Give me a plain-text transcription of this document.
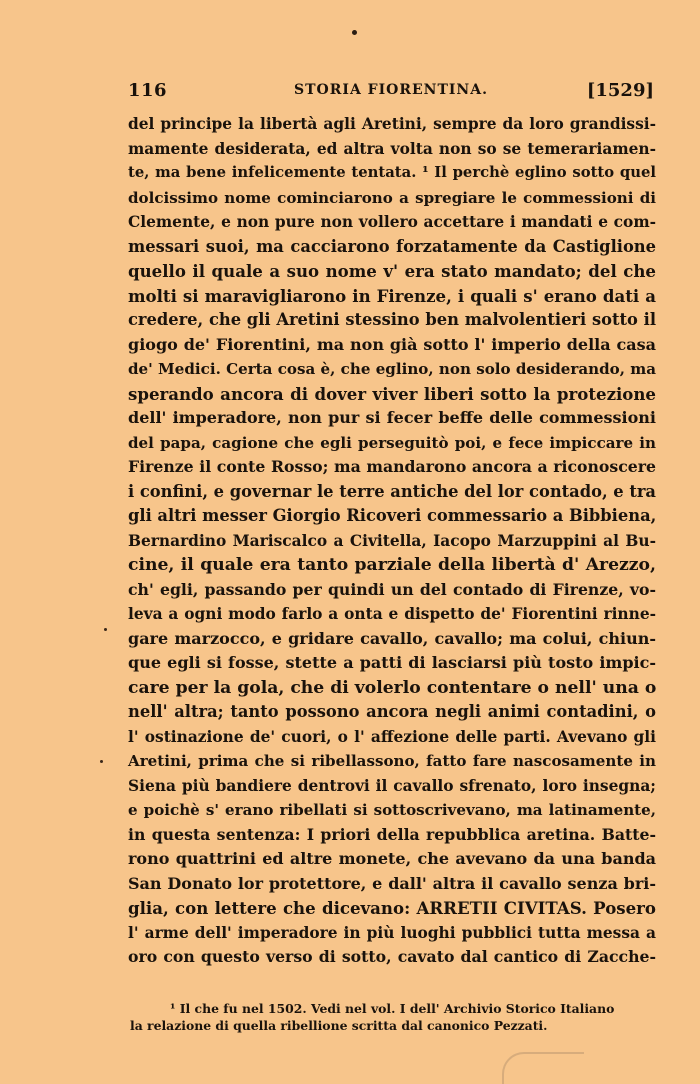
116	STORIA FIORENTINA.	[1529]
del principe la libertà agli Aretini, sempre da loro grandissi-
mamente desiderata, ed altra volta non so se temerariamen-
te, ma bene infelicemente tentata. ¹ Il perchè eglino sotto quel
dolcissimo nome cominciarono a spregiare le commessioni di
Clemente, e non pure non vollero accettare i mandati e com-
messari suoi, ma cacciarono forzatamente da Castiglione
quello il quale a suo nome v' era stato mandato; del che
molti si maravigliarono in Firenze, i quali s' erano dati a
credere, che gli Aretini stessino ben malvolentieri sotto il
giogo de' Fiorentini, ma non già sotto l' imperio della casa
de' Medici. Certa cosa è, che eglino, non solo desiderando, ma
sperando ancora di dover viver liberi sotto la protezione
dell' imperadore, non pur si fecer beffe delle commessioni
del papa, cagione che egli perseguitò poi, e fece impiccare in
Firenze il conte Rosso; ma mandarono ancora a riconoscere
i confini, e governar le terre antiche del lor contado, e tra
gli altri messer Giorgio Ricoveri commessario a Bibbiena,
Bernardino Mariscalco a Civitella, Iacopo Marzuppini al Bu-
cine, il quale era tanto parziale della libertà d' Arezzo,
ch' egli, passando per quindi un del contado di Firenze, vo-
leva a ogni modo farlo a onta e dispetto de' Fiorentini rinne-
gare marzocco, e gridare cavallo, cavallo; ma colui, chiun-
que egli si fosse, stette a patti di lasciarsi più tosto impic-
care per la gola, che di volerlo contentare o nell' una o
nell' altra; tanto possono ancora negli animi contadini, o
l' ostinazione de' cuori, o l' affezione delle parti. Avevano gli
Aretini, prima che si ribellassono, fatto fare nascosamente in
Siena più bandiere dentrovi il cavallo sfrenato, loro insegna;
e poichè s' erano ribellati si sottoscrivevano, ma latinamente,
in questa sentenza: I priori della repubblica aretina. Batte-
rono quattrini ed altre monete, che avevano da una banda
San Donato lor protettore, e dall' altra il cavallo senza bri-
glia, con lettere che dicevano: ARRETII CIVITAS. Posero
l' arme dell' imperadore in più luoghi pubblici tutta messa a
oro con questo verso di sotto, cavato dal cantico di Zacche-
¹ Il che fu nel 1502. Vedi nel vol. I dell' Archivio Storico Italiano
la relazione di quella ribellione scritta dal canonico Pezzati.
